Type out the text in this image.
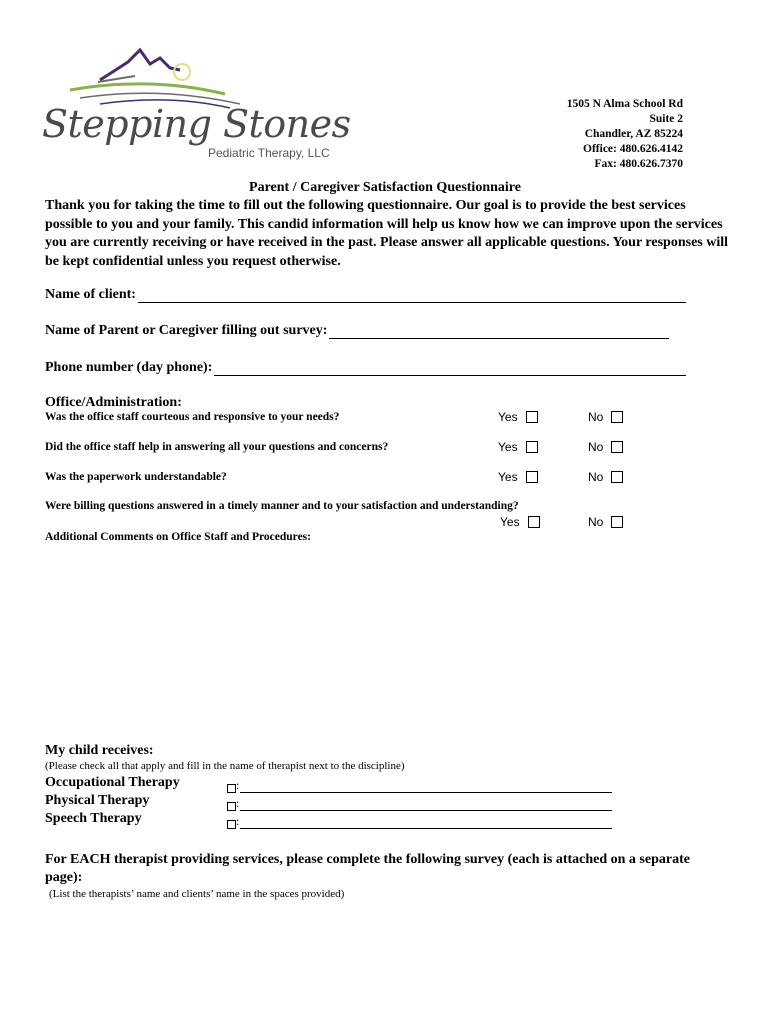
Stepping Stones
Pediatric Therapy, LLC
1505 N Alma School Rd
Suite 2
Chandler, AZ 85224
Office: 480.626.4142
Fax: 480.626.7370
Parent / Caregiver Satisfaction Questionnaire
Thank you for taking the time to fill out the following questionnaire. Our goal is to provide the best services possible to you and your family. This candid information will help us know how we can improve upon the services you are currently receiving or have received in the past. Please answer all applicable questions. Your responses will be kept confidential unless you request otherwise.
Name of client:
Name of Parent or Caregiver filling out survey:
Phone number (day phone):
Office/Administration:
Was the office staff courteous and responsive to your needs?	Yes	No
Did the office staff help in answering all your questions and concerns?	Yes	No
Was the paperwork understandable?	Yes	No
Were billing questions answered in a timely manner and to your satisfaction and understanding?
Yes	No
Additional Comments on Office Staff and Procedures:
My child receives:
(Please check all that apply and fill in the name of therapist next to the discipline)
Occupational Therapy	:
Physical Therapy	:
Speech Therapy	:
For EACH therapist providing services, please complete the following survey (each is attached on a separate page):
(List the therapists’ name and clients’ name in the spaces provided)
